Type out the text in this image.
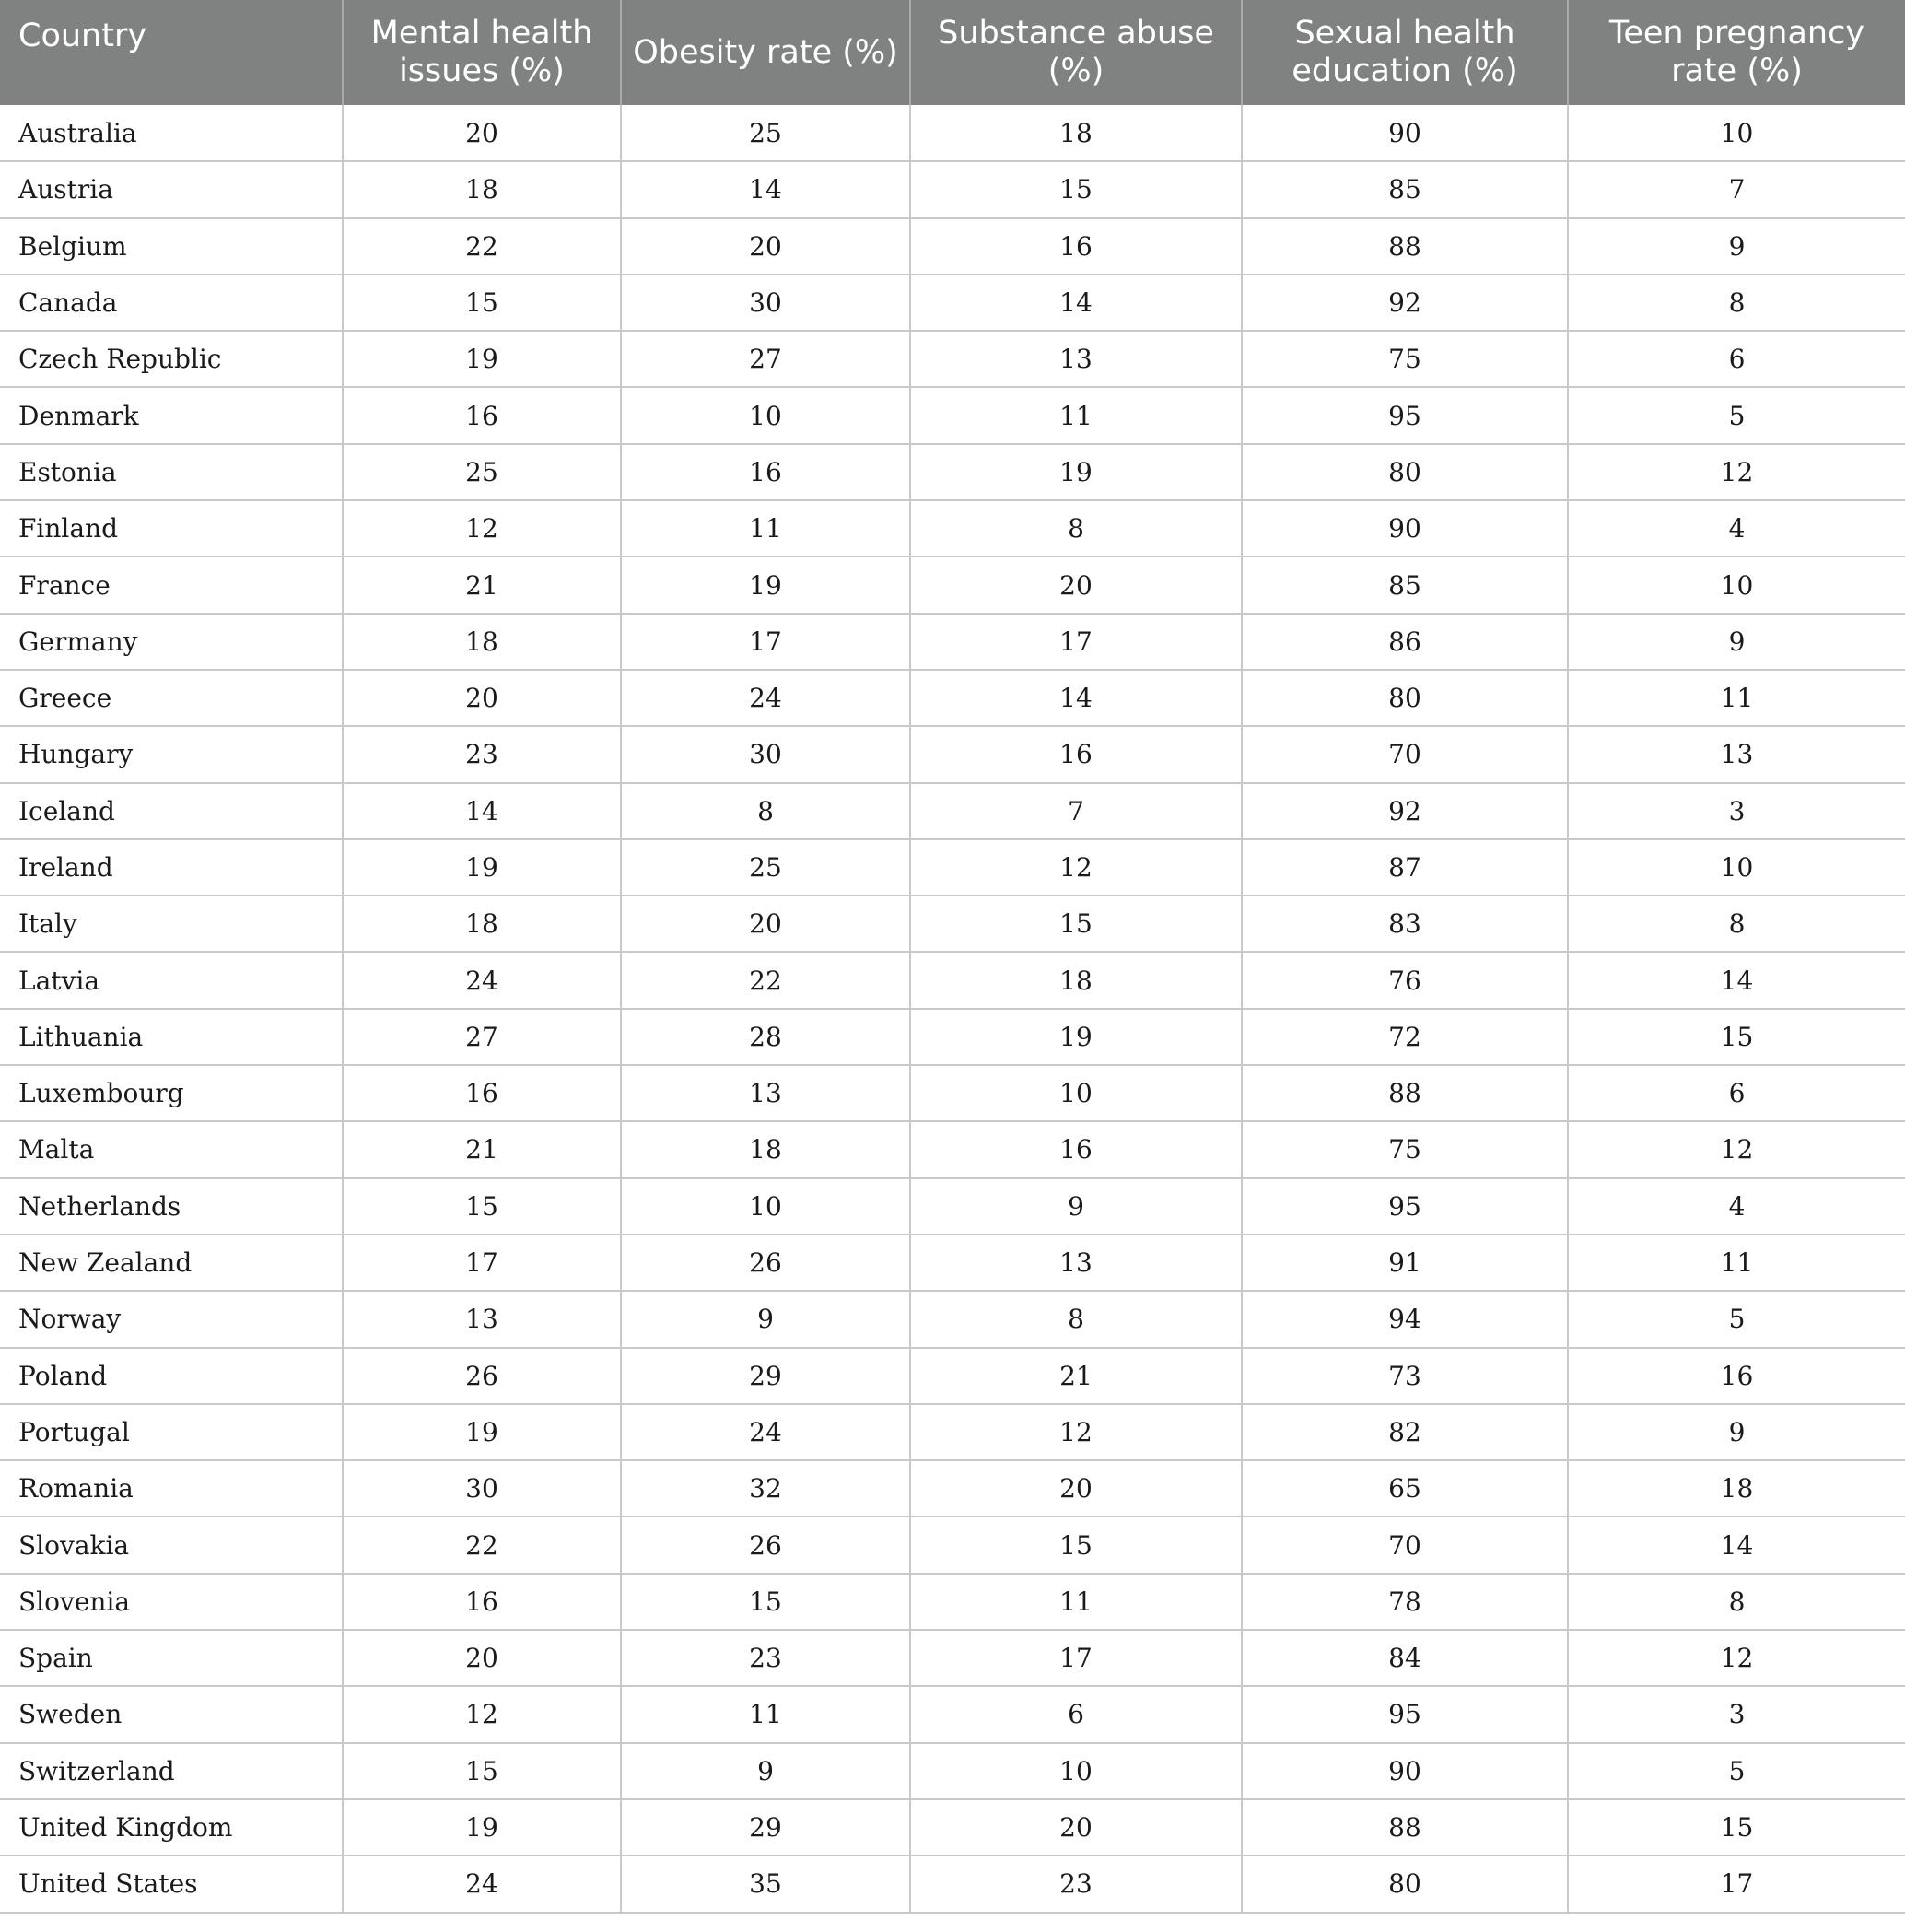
Country	Mental health issues (%)	Obesity rate (%)	Substance abuse (%)	Sexual health education (%)	Teen pregnancy rate (%)
Australia	20	25	18	90	10
Austria	18	14	15	85	7
Belgium	22	20	16	88	9
Canada	15	30	14	92	8
Czech Republic	19	27	13	75	6
Denmark	16	10	11	95	5
Estonia	25	16	19	80	12
Finland	12	11	8	90	4
France	21	19	20	85	10
Germany	18	17	17	86	9
Greece	20	24	14	80	11
Hungary	23	30	16	70	13
Iceland	14	8	7	92	3
Ireland	19	25	12	87	10
Italy	18	20	15	83	8
Latvia	24	22	18	76	14
Lithuania	27	28	19	72	15
Luxembourg	16	13	10	88	6
Malta	21	18	16	75	12
Netherlands	15	10	9	95	4
New Zealand	17	26	13	91	11
Norway	13	9	8	94	5
Poland	26	29	21	73	16
Portugal	19	24	12	82	9
Romania	30	32	20	65	18
Slovakia	22	26	15	70	14
Slovenia	16	15	11	78	8
Spain	20	23	17	84	12
Sweden	12	11	6	95	3
Switzerland	15	9	10	90	5
United Kingdom	19	29	20	88	15
United States	24	35	23	80	17
